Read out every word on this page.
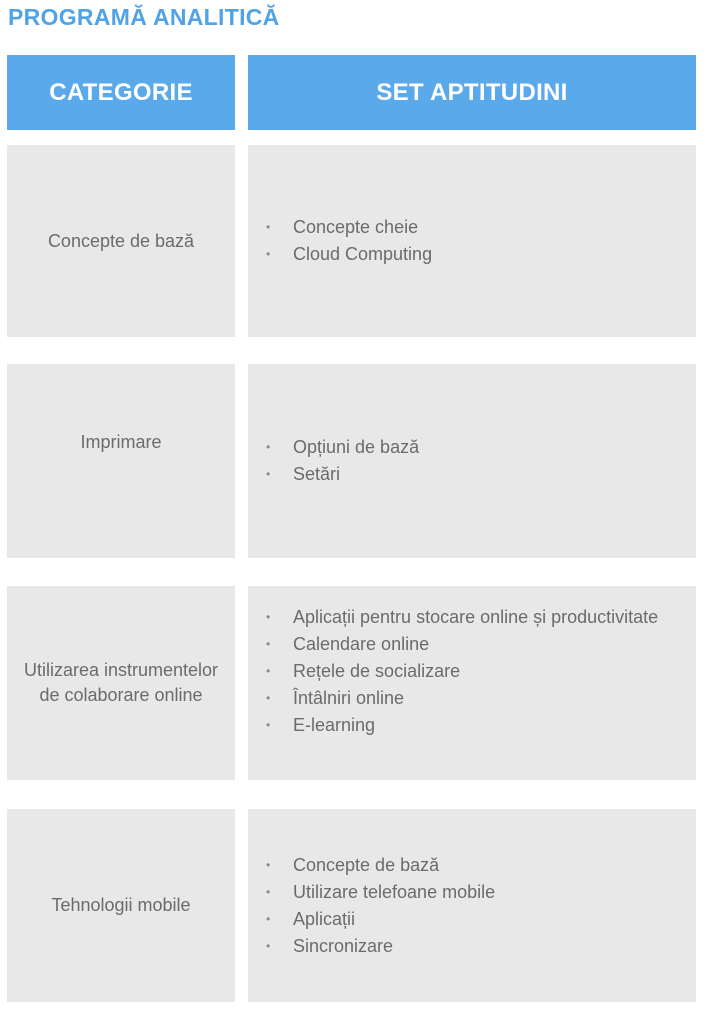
PROGRAMĂ ANALITICĂ
CATEGORIE	SET APTITUDINI
Concepte de bază
• Concepte cheie
• Cloud Computing
Imprimare	• Opțiuni de bază
• Setări
Utilizarea instrumentelor de colaborare online
• Aplicații pentru stocare online și productivitate
• Calendare online
• Rețele de socializare
• Întâlniri online
• E-learning
Tehnologii mobile
• Concepte de bază
• Utilizare telefoane mobile
• Aplicații
• Sincronizare
